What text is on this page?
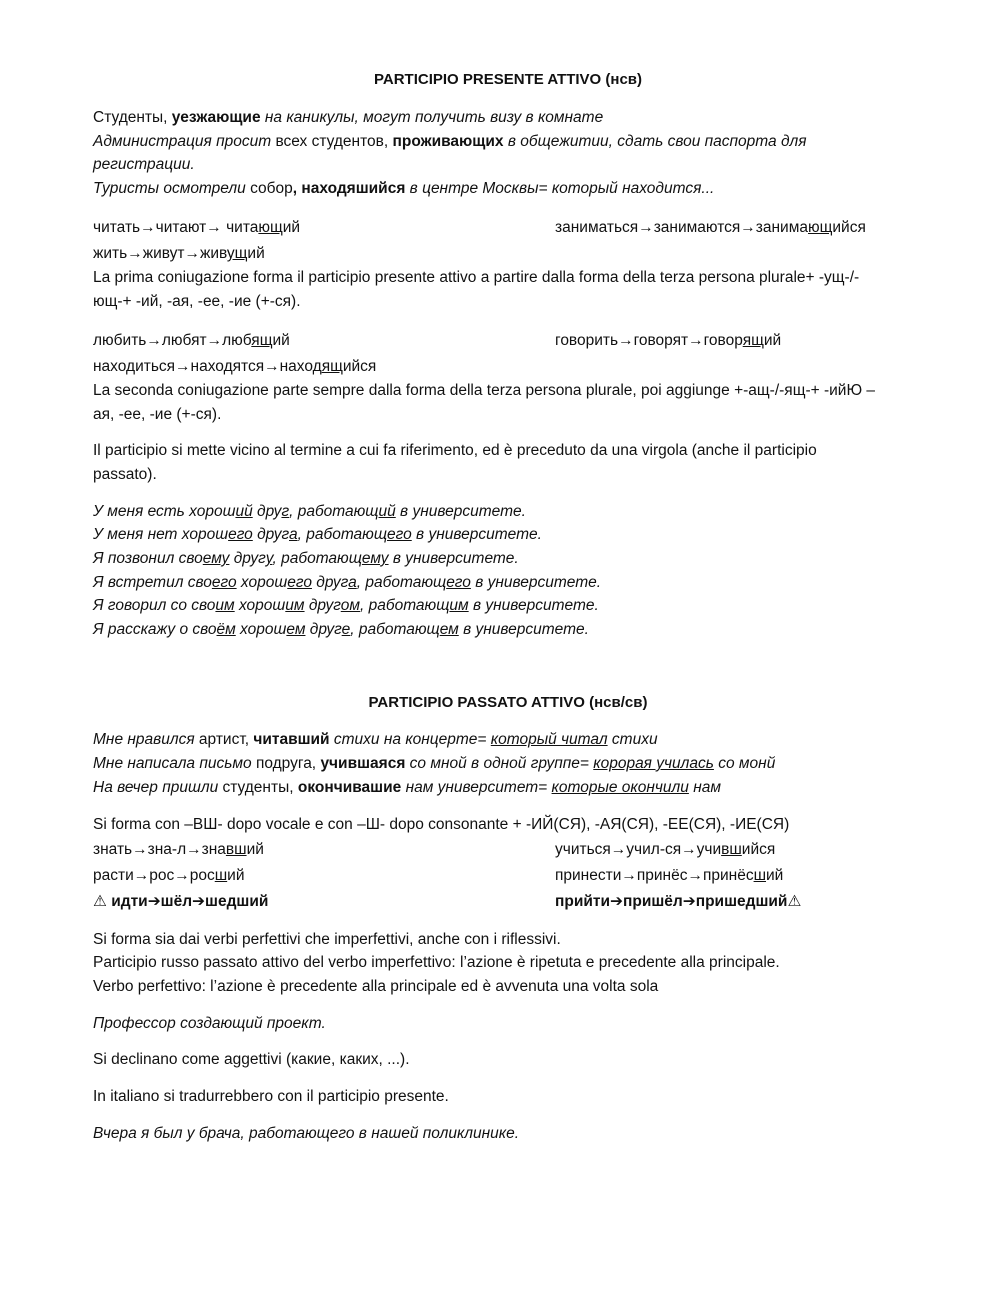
PARTICIPIO PRESENTE ATTIVO (нсв)
Студенты, уезжающие на каникулы, могут получить визу в комнате
Администрация просит всех студентов, проживающих в общежитии, сдать свои паспорта для
регистрации.
Туристы осмотрели собор, находяшийся в центре Москвы= который находится...
читать→читают→ читающий	заниматься→занимаются→занимающийся
жить→живут→живущий
La prima coniugazione forma il participio presente attivo a partire dalla forma della terza persona plurale+ -ущ-/-
ющ-+ -ий, -ая, -ее, -ие (+-ся).
любить→любят→любящий	говорить→говорят→говорящий
находиться→находятся→находящийся
La seconda coniugazione parte sempre dalla forma della terza persona plurale, poi aggiunge +-ащ-/-ящ-+ -ийЮ –
ая, -ее, -ие (+-ся).
Il participio si mette vicino al termine a cui fa riferimento, ed è preceduto da una virgola (anche il participio
passato).
У меня есть хороший друг, работающий в университете.
У меня нет хорошего друга, работающего в университете.
Я позвонил своему другу, работающему в университете.
Я встретил своего хорошего друга, работающего в университете.
Я говорил со своим хорошим другом, работающим в университете.
Я расскажу о своём хорошем друге, работающем в университете.
PARTICIPIO PASSATO ATTIVO (нсв/св)
Мне нравился артист, читавший стихи на концерте= который читал стихи
Мне написала письмо подруга, учившаяся со мной в одной группе= корорая училась со монй
На вечер пришли студенты, окончивашие нам университет= которые окончили нам
Si forma con –ВШ- dopo vocale e con –Ш- dopo consonante + -ИЙ(СЯ), -АЯ(СЯ), -ЕЕ(СЯ), -ИЕ(СЯ)
знать→зна-л→знавший	учиться→учил-ся→учившийся
расти→рос→росший	принести→принёс→принёсший
⚠ идти➔шёл➔шедший	прийти➔пришёл➔пришедший⚠
Si forma sia dai verbi perfettivi che imperfettivi, anche con i riflessivi.
Participio russo passato attivo del verbo imperfettivo: l’azione è ripetuta e precedente alla principale.
Verbo perfettivo: l’azione è precedente alla principale ed è avvenuta una volta sola
Профессор создающий проект.
Si declinano come aggettivi (какие, каких, ...).
In italiano si tradurrebbero con il participio presente.
Вчера я был у брача, работающего в нашей поликлинике.
